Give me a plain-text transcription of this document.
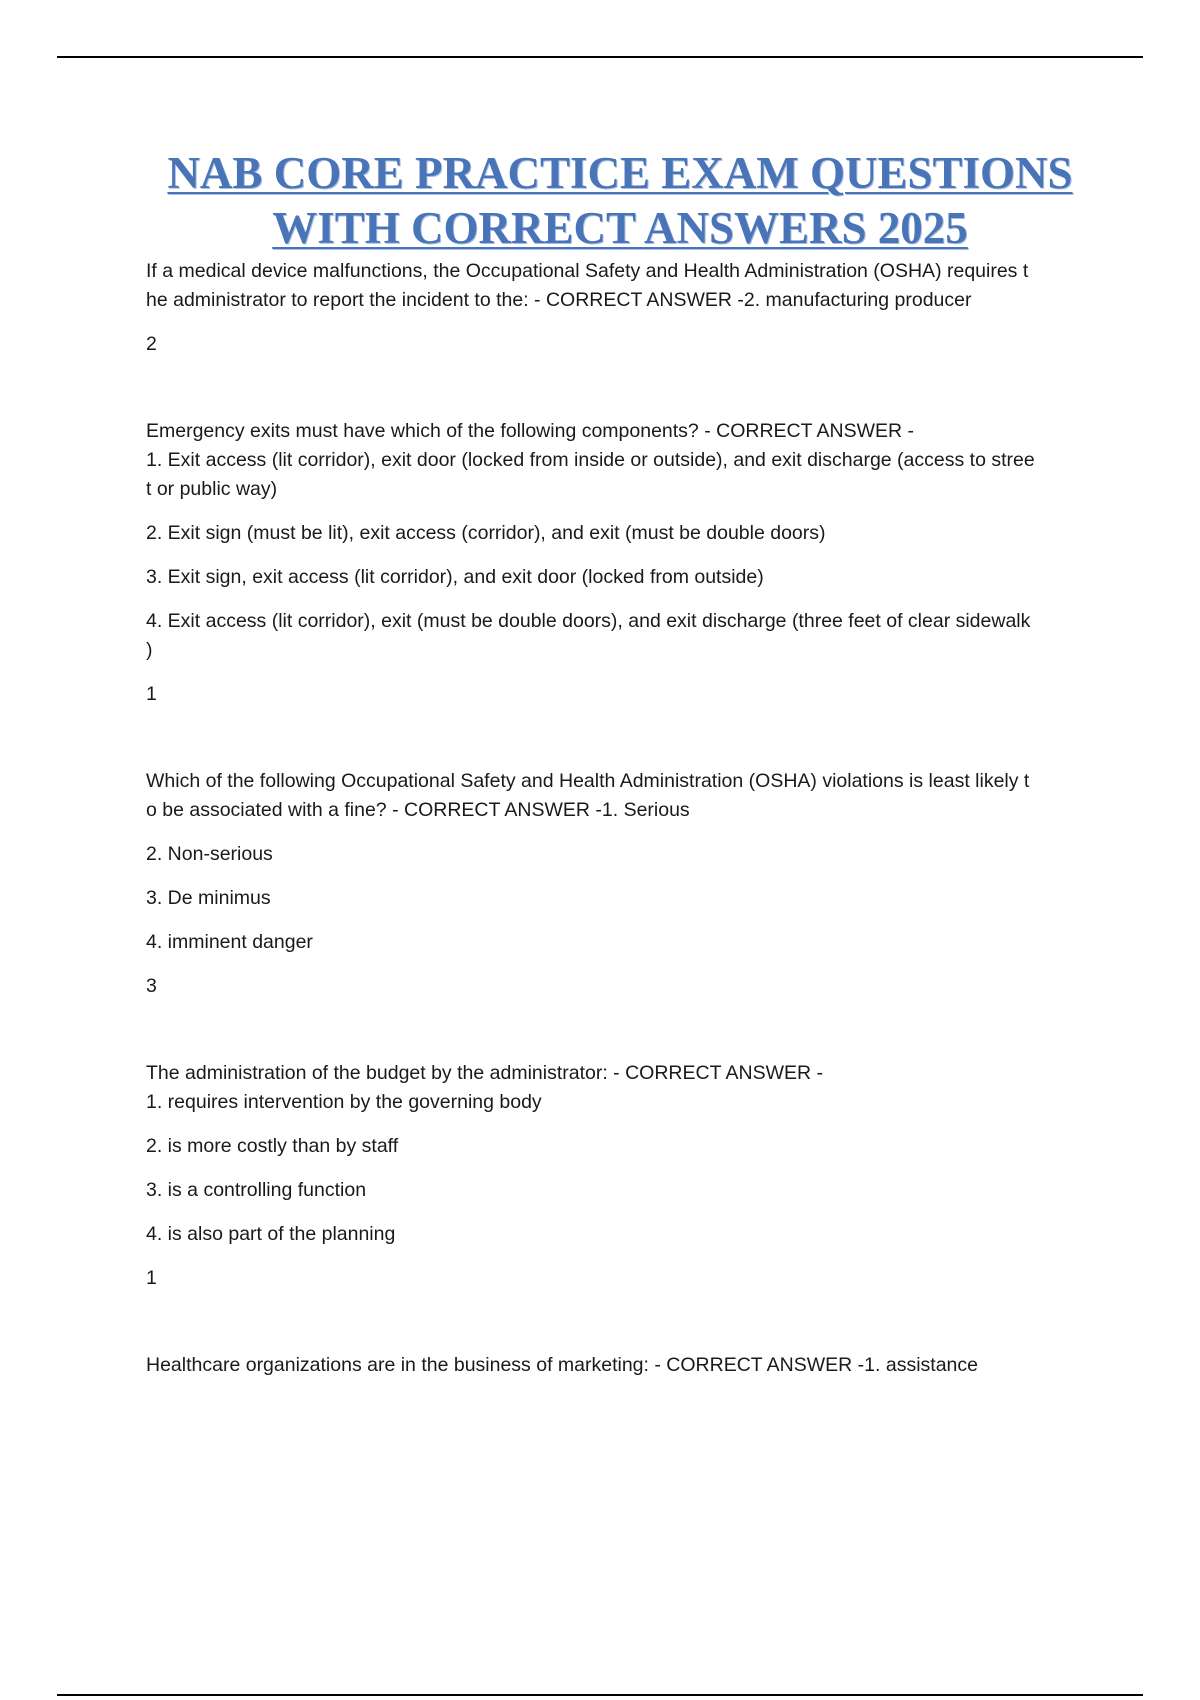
NAB CORE PRACTICE EXAM QUESTIONS
WITH CORRECT ANSWERS 2025

If a medical device malfunctions, the Occupational Safety and Health Administration (OSHA) requires t

he administrator to report the incident to the: - CORRECT ANSWER -2. manufacturing producer

2

Emergency exits must have which of the following components? - CORRECT ANSWER -

1. Exit access (lit corridor), exit door (locked from inside or outside), and exit discharge (access to stree

t or public way)

2. Exit sign (must be lit), exit access (corridor), and exit (must be double doors)

3. Exit sign, exit access (lit corridor), and exit door (locked from outside)

4. Exit access (lit corridor), exit (must be double doors), and exit discharge (three feet of clear sidewalk

)

1

Which of the following Occupational Safety and Health Administration (OSHA) violations is least likely t

o be associated with a fine? - CORRECT ANSWER -1. Serious

2. Non-serious

3. De minimus

4. imminent danger

3

The administration of the budget by the administrator: - CORRECT ANSWER -

1. requires intervention by the governing body

2. is more costly than by staff

3. is a controlling function

4. is also part of the planning

1

Healthcare organizations are in the business of marketing: - CORRECT ANSWER -1. assistance
